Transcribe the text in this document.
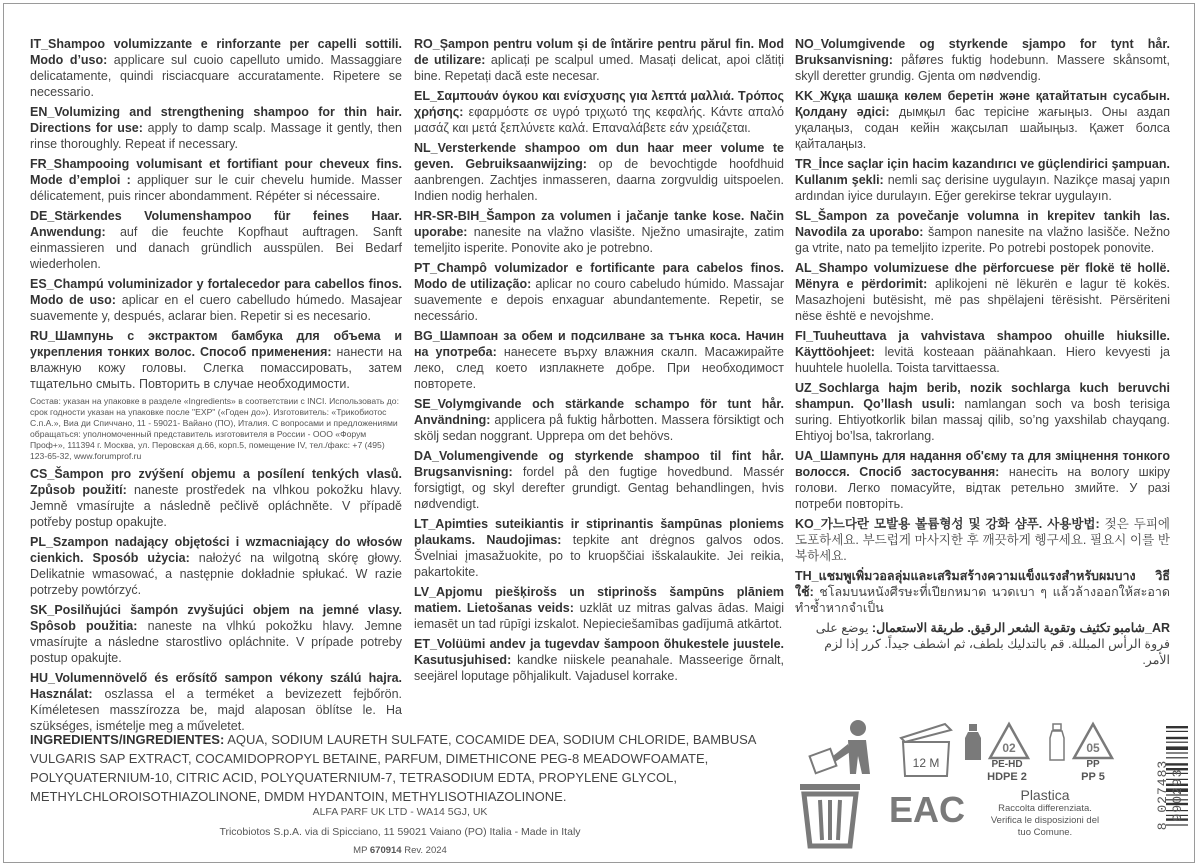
IT_Shampoo volumizzante e rinforzante per capelli sottili. Modo d’uso: applicare sul cuoio capelluto umido. Massaggiare delicatamente, quindi risciacquare accuratamente. Ripetere se necessario.
EN_Volumizing and strengthening shampoo for thin hair. Directions for use: apply to damp scalp. Massage it gently, then rinse thoroughly. Repeat if necessary.
FR_Shampooing volumisant et fortifiant pour cheveux fins. Mode d’emploi : appliquer sur le cuir chevelu humide. Masser délicatement, puis rincer abondamment. Répéter si nécessaire.
DE_Stärkendes Volumenshampoo für feines Haar. Anwendung: auf die feuchte Kopfhaut auftragen. Sanft einmassieren und danach gründlich ausspülen. Bei Bedarf wiederholen.
ES_Champú voluminizador y fortalecedor para cabellos finos. Modo de uso: aplicar en el cuero cabelludo húmedo. Masajear suavemente y, después, aclarar bien. Repetir si es necesario.
RU_Шампунь с экстрактом бамбука для объема и укрепления тонких волос. Способ применения: нанести на влажную кожу головы. Слегка помассировать, затем тщательно смыть. Повторить в случае необходимости.
Состав: указан на упаковке в разделе «Ingredients» в соответствии с INCI. Использовать до: срок годности указан на упаковке после "EXP" («Годен до»). Изготовитель: «Трикобиотос С.п.А.», Виа ди Спиччано, 11 - 59021- Вайано (ПО), Италия. С вопросами и предложениями обращаться: уполномоченный представитель изготовителя в России - ООО «Форум Проф+», 111394 г. Москва, ул. Перовская д.66, корп.5, помещение IV, тел./факс: +7 (495) 123-65-32, www.forumprof.ru
CS_Šampon pro zvýšení objemu a posílení tenkých vlasů. Způsob použití: naneste prostředek na vlhkou pokožku hlavy. Jemně vmasírujte a následně pečlivě opláchněte. V případě potřeby postup opakujte.
PL_Szampon nadający objętości i wzmacniający do włosów cienkich. Sposób użycia: nałożyć na wilgotną skórę głowy. Delikatnie wmasować, a następnie dokładnie spłukać. W razie potrzeby powtórzyć.
SK_Posilňujúci šampón zvyšujúci objem na jemné vlasy. Spôsob použitia: naneste na vlhkú pokožku hlavy. Jemne vmasírujte a následne starostlivo opláchnite. V prípade potreby postup opakujte.
HU_Volumennövelő és erősítő sampon vékony szálú hajra. Használat: oszlassa el a terméket a bevizezett fejbőrön. Kíméletesen masszírozza be, majd alaposan öblítse le. Ha szükséges, ismételje meg a műveletet.
RO_Șampon pentru volum și de întărire pentru părul fin. Mod de utilizare: aplicați pe scalpul umed. Masați delicat, apoi clătiți bine. Repetați dacă este necesar.
EL_Σαμπουάν όγκου και ενίσχυσης για λεπτά μαλλιά. Τρόπος χρήσης: εφαρμόστε σε υγρό τριχωτό της κεφαλής. Κάντε απαλό μασάζ και μετά ξεπλύνετε καλά. Επαναλάβετε εάν χρειάζεται.
NL_Versterkende shampoo om dun haar meer volume te geven. Gebruiksaanwijzing: op de bevochtigde hoofdhuid aanbrengen. Zachtjes inmasseren, daarna zorgvuldig uitspoelen. Indien nodig herhalen.
HR-SR-BIH_Šampon za volumen i jačanje tanke kose. Način uporabe: nanesite na vlažno vlasište. Nježno umasirajte, zatim temeljito isperite. Ponovite ako je potrebno.
PT_Champô volumizador e fortificante para cabelos finos. Modo de utilização: aplicar no couro cabeludo húmido. Massajar suavemente e depois enxaguar abundantemente. Repetir, se necessário.
BG_Шампоан за обем и подсилване за тънка коса. Начин на употреба: нанесете върху влажния скалп. Масажирайте леко, след което изплакнете добре. При необходимост повторете.
SE_Volymgivande och stärkande schampo för tunt hår. Användning: applicera på fuktig hårbotten. Massera försiktigt och skölj sedan noggrant. Upprepa om det behövs.
DA_Volumengivende og styrkende shampoo til fint hår. Brugsanvisning: fordel på den fugtige hovedbund. Massér forsigtigt, og skyl derefter grundigt. Gentag behandlingen, hvis nødvendigt.
LT_Apimties suteikiantis ir stiprinantis šampūnas ploniems plaukams. Naudojimas: tepkite ant drėgnos galvos odos. Švelniai įmasažuokite, po to kruopščiai išskalaukite. Jei reikia, pakartokite.
LV_Apjomu piešķirošs un stiprinošs šampūns plāniem matiem. Lietošanas veids: uzklāt uz mitras galvas ādas. Maigi iemasēt un tad rūpīgi izskalot. Nepieciešamības gadījumā atkārtot.
ET_Volüümi andev ja tugevdav šampoon õhukestele juustele. Kasutusjuhised: kandke niiskele peanahale. Masseerige õrnalt, seejärel loputage põhjalikult. Vajadusel korrake.
NO_Volumgivende og styrkende sjampo for tynt hår. Bruksanvisning: påføres fuktig hodebunn. Massere skånsomt, skyll deretter grundig. Gjenta om nødvendig.
KK_Жұқа шашқа көлем беретін және қатайтатын сусабын. Қолдану әдісі: дымқыл бас терісіне жағыңыз. Оны аздап уқалаңыз, содан кейін жақсылап шайыңыз. Қажет болса қайталаңыз.
TR_İnce saçlar için hacim kazandırıcı ve güçlendirici şampuan. Kullanım şekli: nemli saç derisine uygulayın. Nazikçe masaj yapın ardından iyice durulayın. Eğer gerekirse tekrar uygulayın.
SL_Šampon za povečanje volumna in krepitev tankih las. Navodila za uporabo: šampon nanesite na vlažno lasišče. Nežno ga vtrite, nato pa temeljito izperite. Po potrebi postopek ponovite.
AL_Shampo volumizuese dhe përforcuese për flokë të hollë. Mënyra e përdorimit: aplikojeni në lëkurën e lagur të kokës. Masazhojeni butësisht, më pas shpëlajeni tërësisht. Përsëriteni nëse është e nevojshme.
FI_Tuuheuttava ja vahvistava shampoo ohuille hiuksille. Käyttöohjeet: levitä kosteaan päänahkaan. Hiero kevyesti ja huuhtele huolella. Toista tarvittaessa.
UZ_Sochlarga hajm berib, nozik sochlarga kuch beruvchi shampun. Qo’llash usuli: namlangan soch va bosh terisiga suring. Ehtiyotkorlik bilan massaj qilib, so’ng yaxshilab chayqang. Ehtiyoj bo’lsa, takrorlang.
UA_Шампунь для надання об'єму та для зміцнення тонкого волосся. Спосіб застосування: нанесіть на вологу шкіру голови. Легко помасуйте, відтак ретельно змийте. У разі потреби повторіть.
KO_가느다란 모발용 볼륨형성 및 강화 샴푸. 사용방법: 젖은 두피에 도포하세요. 부드럽게 마사지한 후 깨끗하게 헹구세요. 필요시 이를 반복하세요.
TH_แชมพูเพิ่มวอลลุ่มและเสริมสร้างความแข็งแรงสำหรับผมบาง วิธีใช้: ชโลมบนหนังศีรษะที่เปียกหมาด นวดเบา ๆ แล้วล้างออกให้สะอาด ทำซ้ำหากจำเป็น
AR_شامبو تكثيف وتقوية الشعر الرقيق. طريقة الاستعمال: يوضع على فروة الرأس المبللة. قم بالتدليك بلطف، ثم اشطف جيداً. كرر إذا لزم الأمر.
INGREDIENTS/INGREDIENTES: AQUA, SODIUM LAURETH SULFATE, COCAMIDE DEA, SODIUM CHLORIDE, BAMBUSA VULGARIS SAP EXTRACT, COCAMIDOPROPYL BETAINE, PARFUM, DIMETHICONE PEG-8 MEADOWFOAMATE, POLYQUATERNIUM-10, CITRIC ACID, POLYQUATERNIUM-7, TETRASODIUM EDTA, PROPYLENE GLYCOL, METHYLCHLOROISOTHIAZOLINONE, DMDM HYDANTOIN, METHYLISOTHIAZOLINONE.
ALFA PARF UK LTD - WA14 5GJ, UK
Tricobiotos S.p.A. via di Spicciano, 11 59021 Vaiano (PO) Italia - Made in Italy
MP 670914 Rev. 2024
12 M
EAC
02
PE-HD
HDPE 2
05
PP
PP 5
Plastica
Raccolta differenziata.
Verifica le disposizioni del tuo Comune.
8 027483 990293
